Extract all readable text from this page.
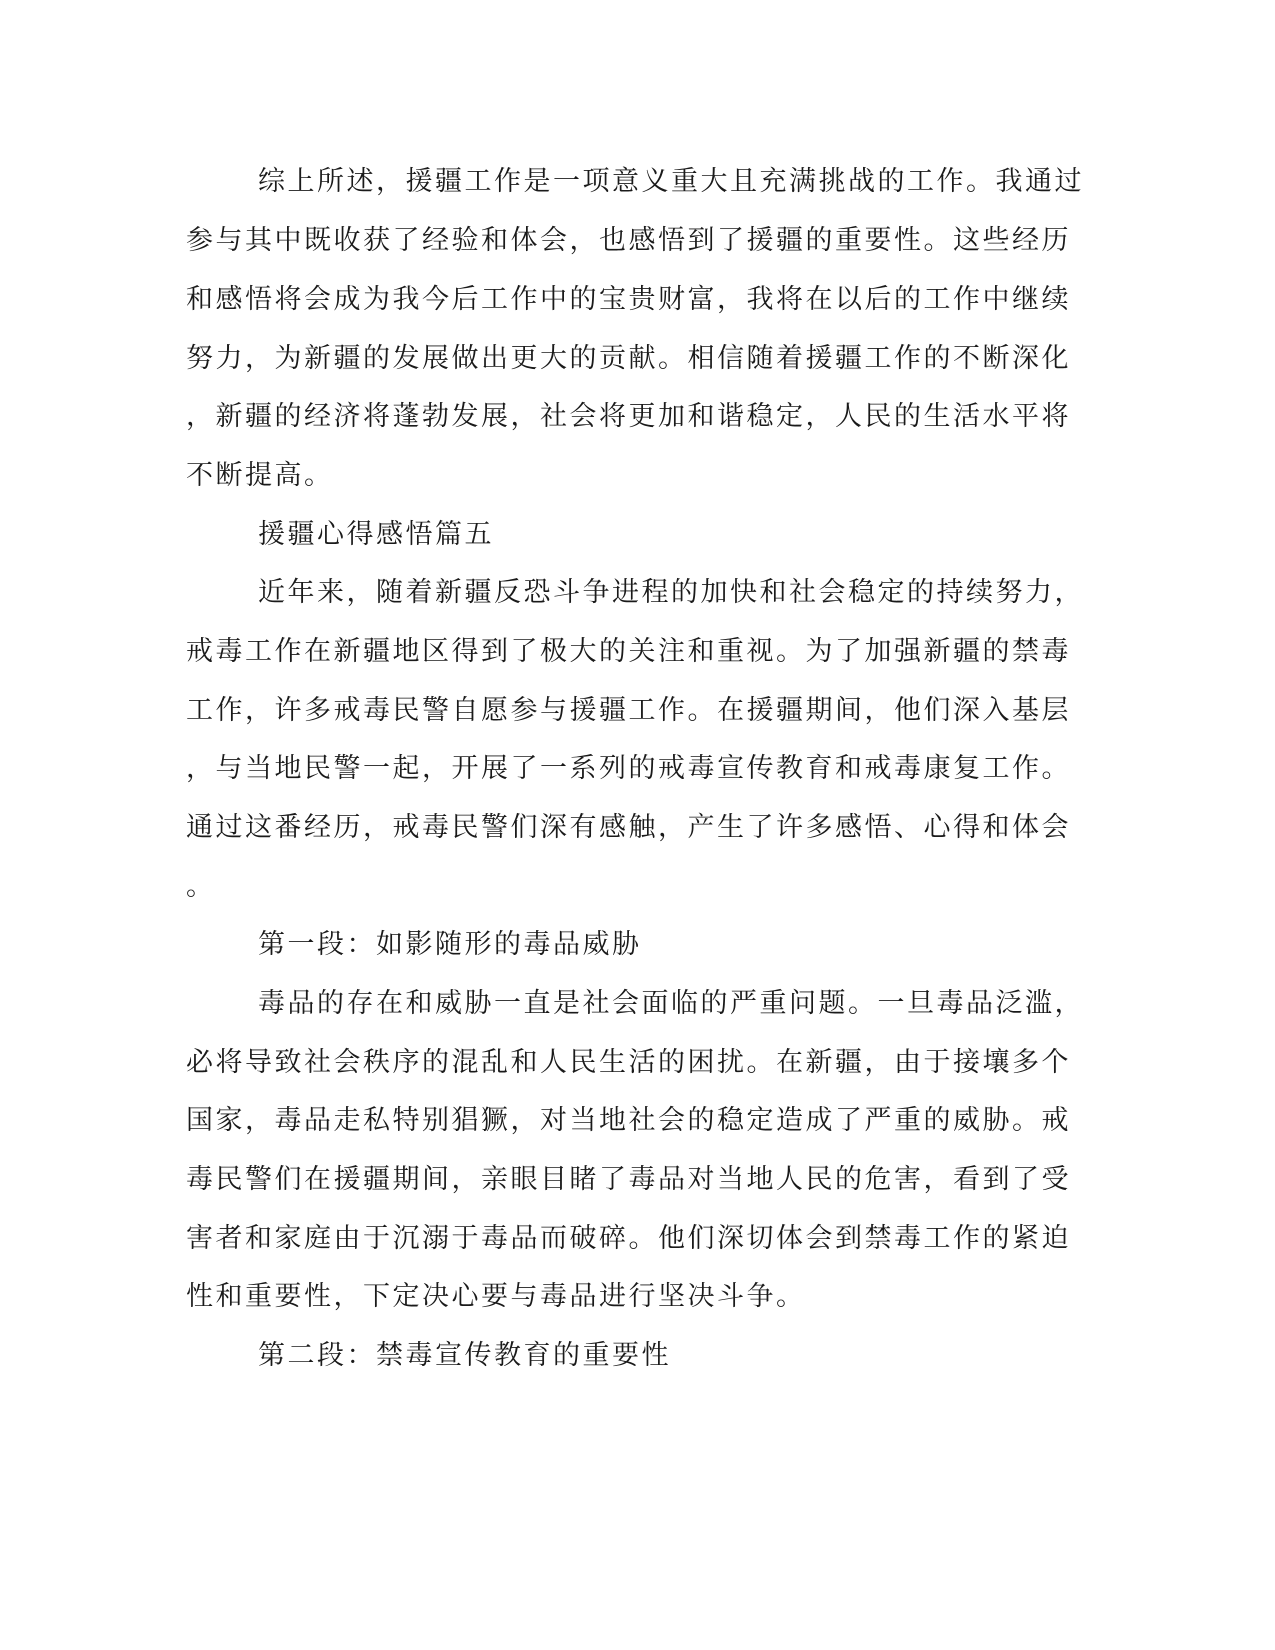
综上所述，援疆工作是一项意义重大且充满挑战的工作。我通过
参与其中既收获了经验和体会，也感悟到了援疆的重要性。这些经历
和感悟将会成为我今后工作中的宝贵财富，我将在以后的工作中继续
努力，为新疆的发展做出更大的贡献。相信随着援疆工作的不断深化
，新疆的经济将蓬勃发展，社会将更加和谐稳定，人民的生活水平将
不断提高。
援疆心得感悟篇五
近年来，随着新疆反恐斗争进程的加快和社会稳定的持续努力，
戒毒工作在新疆地区得到了极大的关注和重视。为了加强新疆的禁毒
工作，许多戒毒民警自愿参与援疆工作。在援疆期间，他们深入基层
，与当地民警一起，开展了一系列的戒毒宣传教育和戒毒康复工作。
通过这番经历，戒毒民警们深有感触，产生了许多感悟、心得和体会
。
第一段：如影随形的毒品威胁
毒品的存在和威胁一直是社会面临的严重问题。一旦毒品泛滥，
必将导致社会秩序的混乱和人民生活的困扰。在新疆，由于接壤多个
国家，毒品走私特别猖獗，对当地社会的稳定造成了严重的威胁。戒
毒民警们在援疆期间，亲眼目睹了毒品对当地人民的危害，看到了受
害者和家庭由于沉溺于毒品而破碎。他们深切体会到禁毒工作的紧迫
性和重要性，下定决心要与毒品进行坚决斗争。
第二段：禁毒宣传教育的重要性
